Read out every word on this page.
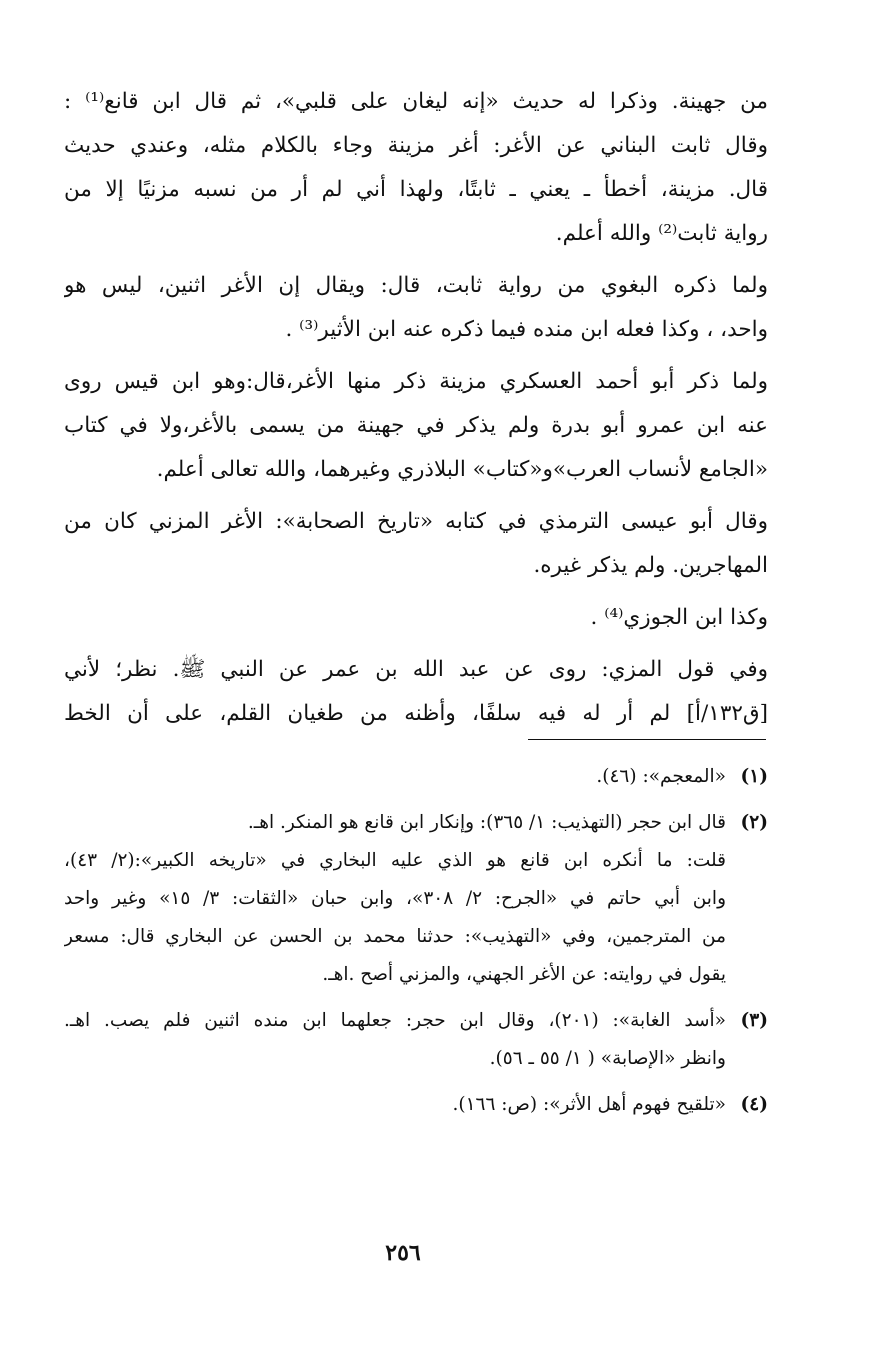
من جهينة. وذكرا له حديث «إنه ليغان على قلبي»، ثم قال ابن قانع⁽¹⁾ :
وقال ثابت البناني عن الأغر: أغر مزينة وجاء بالكلام مثله، وعندي حديث
قال. مزينة، أخطأ ـ يعني ـ ثابتًا، ولهذا أني لم أر من نسبه مزنيًا إلا من
رواية ثابت⁽²⁾ والله أعلم.

ولما ذكره البغوي من رواية ثابت، قال: ويقال إن الأغر اثنين، ليس هو
واحد، ، وكذا فعله ابن منده فيما ذكره عنه ابن الأثير⁽³⁾ .

ولما ذكر أبو أحمد العسكري مزينة ذكر منها الأغر،قال:وهو ابن قيس روى
عنه ابن عمرو أبو بدرة ولم يذكر في جهينة من يسمى بالأغر،ولا في كتاب
«الجامع لأنساب العرب»و«كتاب» البلاذري وغيرهما، والله تعالى أعلم.

وقال أبو عيسى الترمذي في كتابه «تاريخ الصحابة»: الأغر المزني كان من
المهاجرين. ولم يذكر غيره.

وكذا ابن الجوزي⁽⁴⁾ .

وفي قول المزي: روى عن عبد الله بن عمر عن النبي ﷺ. نظر؛ لأني
[ق١٣٢/أ] لم أر له فيه سلفًا، وأظنه من طغيان القلم، على أن الخط

(١)
«المعجم»: (٤٦).
(٢)
قال ابن حجر (التهذيب: ١/ ٣٦٥): وإنكار ابن قانع هو المنكر. اهـ.
قلت: ما أنكره ابن قانع هو الذي عليه البخاري في «تاريخه الكبير»:(٢/ ٤٣)،
وابن أبي حاتم في «الجرح: ٢/ ٣٠٨»، وابن حبان «الثقات: ٣/ ١٥» وغير واحد
من المترجمين، وفي «التهذيب»: حدثنا محمد بن الحسن عن البخاري قال: مسعر
يقول في روايته: عن الأغر الجهني، والمزني أصح .اهـ.
(٣)
«أسد الغابة»: (٢٠١)، وقال ابن حجر: جعلهما ابن منده اثنين فلم يصب. اهـ.
وانظر «الإصابة» ( ١/ ٥٥ ـ ٥٦).
(٤)
«تلقيح فهوم أهل الأثر»: (ص: ١٦٦).
٢٥٦
